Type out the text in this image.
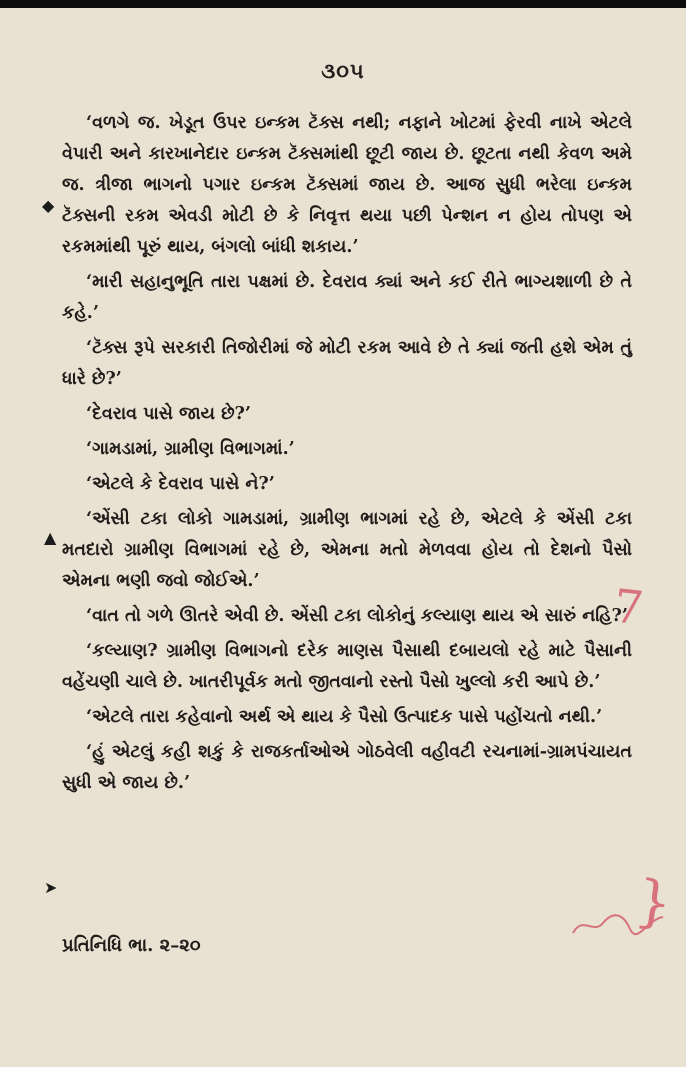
૩૦૫

‘વળગે જ. ખેડૂત ઉપર ઇન્કમ ટૅક્સ નથી; નફાને ખોટમાં ફેરવી નાખે એટલે વેપારી અને કારખાનેદાર ઇન્કમ ટૅક્સમાંથી છૂટી જાય છે. છૂટતા નથી કેવળ અમે જ. ત્રીજા ભાગનો પગાર ઇન્કમ ટૅક્સમાં જાય છે. આજ સુધી ભરેલા ઇન્કમ ટૅક્સની રકમ એવડી મોટી છે કે નિવૃત્ત થયા પછી પેન્શન ન હોય તોપણ એ રકમમાંથી પૂરું થાય, બંગલો બાંધી શકાય.’

‘મારી સહાનુભૂતિ તારા પક્ષમાં છે. દેવરાવ ક્યાં અને કઈ રીતે ભાગ્યશાળી છે તે કહે.’

‘ટૅક્સ રૂપે સરકારી તિજોરીમાં જે મોટી રકમ આવે છે તે ક્યાં જતી હશે એમ તું ધારે છે?’

‘દેવરાવ પાસે જાય છે?’

‘ગામડામાં, ગ્રામીણ વિભાગમાં.’

‘એટલે કે દેવરાવ પાસે ને?’

‘એંસી ટકા લોકો ગામડામાં, ગ્રામીણ ભાગમાં રહે છે, એટલે કે એંસી ટકા મતદારો ગ્રામીણ વિભાગમાં રહે છે, એમના મતો મેળવવા હોય તો દેશનો પૈસો એમના ભણી જવો જોઈએ.’

‘વાત તો ગળે ઊતરે એવી છે. એંસી ટકા લોકોનું કલ્યાણ થાય એ સારું નહિ?’

‘કલ્યાણ? ગ્રામીણ વિભાગનો દરેક માણસ પૈસાથી દબાયલો રહે માટે પૈસાની વહેંચણી ચાલે છે. ખાતરીપૂર્વક મતો જીતવાનો રસ્તો પૈસો ખુલ્લો કરી આપે છે.’

‘એટલે તારા કહેવાનો અર્થ એ થાય કે પૈસો ઉત્પાદક પાસે પહોંચતો નથી.’

‘હું એટલું કહી શકું કે રાજકર્તાઓએ ગોઠવેલી વહીવટી રચનામાં-ગ્રામપંચાયત સુધી એ જાય છે.’

પ્રતિનિધિ ભા. ૨–૨૦
◆
▲
➤
7
}
